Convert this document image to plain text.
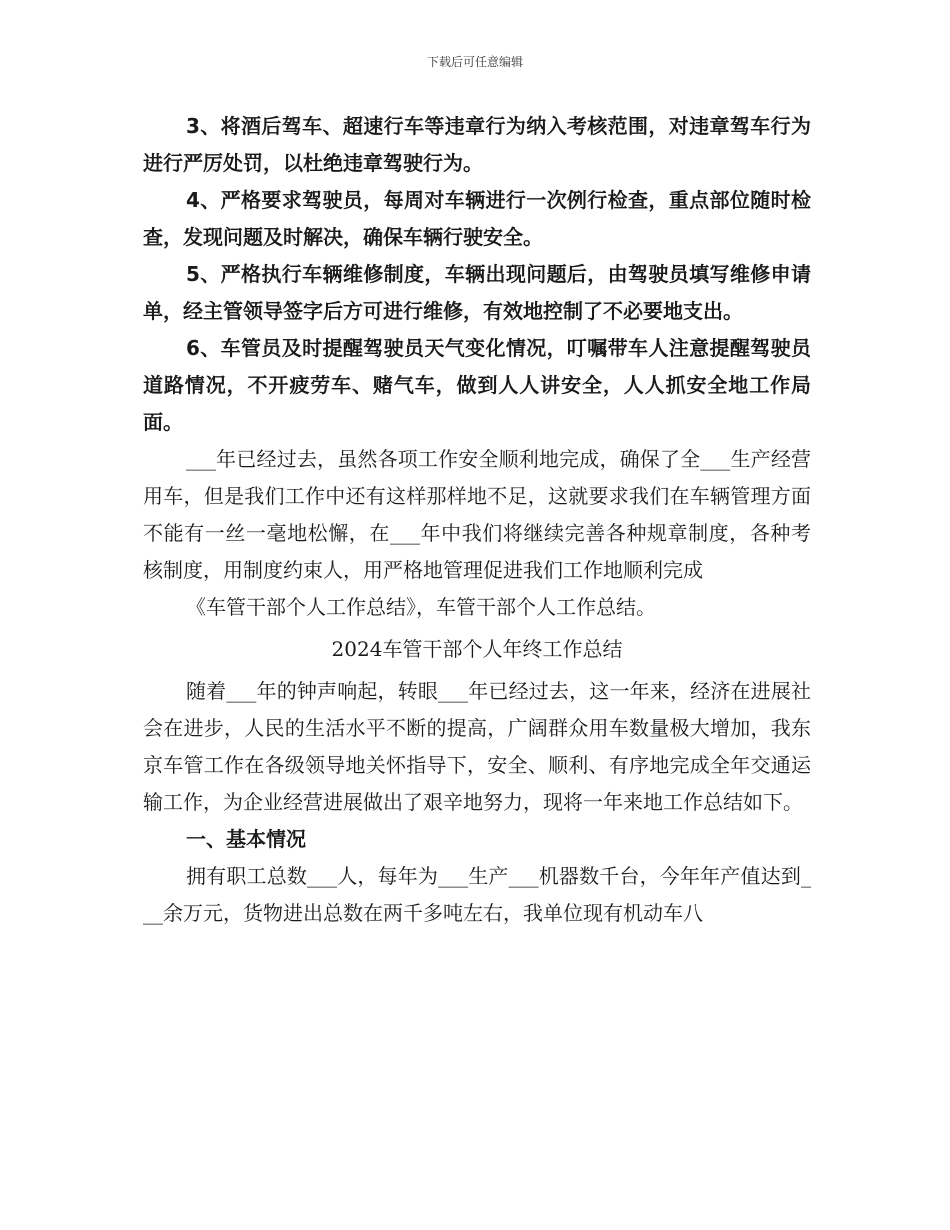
下载后可任意编辑

3、将酒后驾车、超速行车等违章行为纳入考核范围，对违章驾车行为进行严厉处罚，以杜绝违章驾驶行为。

4、严格要求驾驶员，每周对车辆进行一次例行检查，重点部位随时检查，发现问题及时解决，确保车辆行驶安全。

5、严格执行车辆维修制度，车辆出现问题后，由驾驶员填写维修申请单，经主管领导签字后方可进行维修，有效地控制了不必要地支出。

6、车管员及时提醒驾驶员天气变化情况，叮嘱带车人注意提醒驾驶员道路情况，不开疲劳车、赌气车，做到人人讲安全，人人抓安全地工作局面。

___年已经过去，虽然各项工作安全顺利地完成，确保了全___生产经营用车，但是我们工作中还有这样那样地不足，这就要求我们在车辆管理方面不能有一丝一毫地松懈，在___年中我们将继续完善各种规章制度，各种考核制度，用制度约束人，用严格地管理促进我们工作地顺利完成

《车管干部个人工作总结》，车管干部个人工作总结。

2024车管干部个人年终工作总结

随着___年的钟声响起，转眼___年已经过去，这一年来，经济在进展社会在进步，人民的生活水平不断的提高，广阔群众用车数量极大增加，我东京车管工作在各级领导地关怀指导下，安全、顺利、有序地完成全年交通运输工作，为企业经营进展做出了艰辛地努力，现将一年来地工作总结如下。

一、基本情况

拥有职工总数___人，每年为___生产___机器数千台，今年年产值达到___余万元，货物进出总数在两千多吨左右，我单位现有机动车八
